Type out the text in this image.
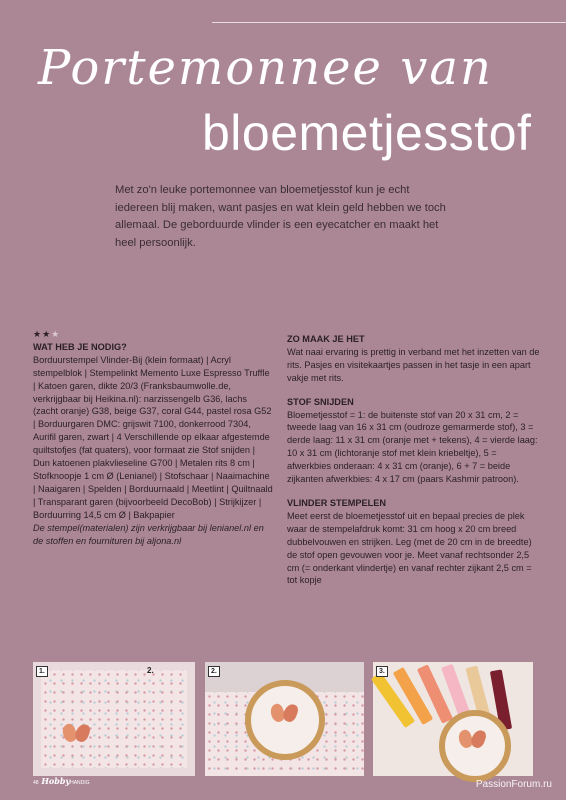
Portemonnee van
bloemetjesstof
Met zo'n leuke portemonnee van bloemetjesstof kun je echt iedereen blij maken, want pasjes en wat klein geld hebben we toch allemaal. De geborduurde vlinder is een eyecatcher en maakt het heel persoonlijk.
★★★
WAT HEB JE NODIG?

Borduurstempel Vlinder-Bij (klein formaat) | Acryl stempelblok | Stempelinkt Memento Luxe Espresso Truffle | Katoen garen, dikte 20/3 (Franksbaumwolle.de, verkrijgbaar bij Heikina.nl): narzissengelb G36, lachs (zacht oranje) G38, beige G37, coral G44, pastel rosa G52 | Borduurgaren DMC: grijswit 7100, donkerrood 7304, Aurifil garen, zwart | 4 Verschillende op elkaar afgestemde quiltstofjes (fat quaters), voor formaat zie Stof snijden | Dun katoenen plakvlieseline G700 | Metalen rits 8 cm | Stofknoopje 1 cm Ø (Lenianel) | Stofschaar | Naaimachine | Naaigaren | Spelden | Borduurnaald | Meetlint | Quiltnaald | Transparant garen (bijvoorbeeld DecoBob) | Strijkijzer | Borduurring 14,5 cm Ø | Bakpapier

De stempel(materialen) zijn verkrijgbaar bij lenianel.nl en de stoffen en fournituren bij aljona.nl

ZO MAAK JE HET

Wat naai ervaring is prettig in verband met het inzetten van de rits. Pasjes en visitekaartjes passen in het tasje in een apart vakje met rits.

STOF SNIJDEN

Bloemetjesstof = 1: de buitenste stof van 20 x 31 cm, 2 = tweede laag van 16 x 31 cm (oudroze gemarmerde stof), 3 = derde laag: 11 x 31 cm (oranje met + tekens), 4 = vierde laag: 10 x 31 cm (lichtoranje stof met klein kriebeltje), 5 = afwerkbies onderaan: 4 x 31 cm (oranje), 6 + 7 = beide zijkanten afwerkbies: 4 x 17 cm (paars Kashmir patroon).

VLINDER STEMPELEN

Meet eerst de bloemetjesstof uit en bepaal precies de plek waar de stempelafdruk komt: 31 cm hoog x 20 cm breed dubbelvouwen en strijken. Leg (met de 20 cm in de breedte) de stof open gevouwen voor je. Meet vanaf rechtsonder 2,5 cm (= onderkant vlindertje) en vanaf rechter zijkant 2,5 cm = tot kopje

1.	2.	2.	3.
48 HobbyHANDIG	PassionForum.ru
